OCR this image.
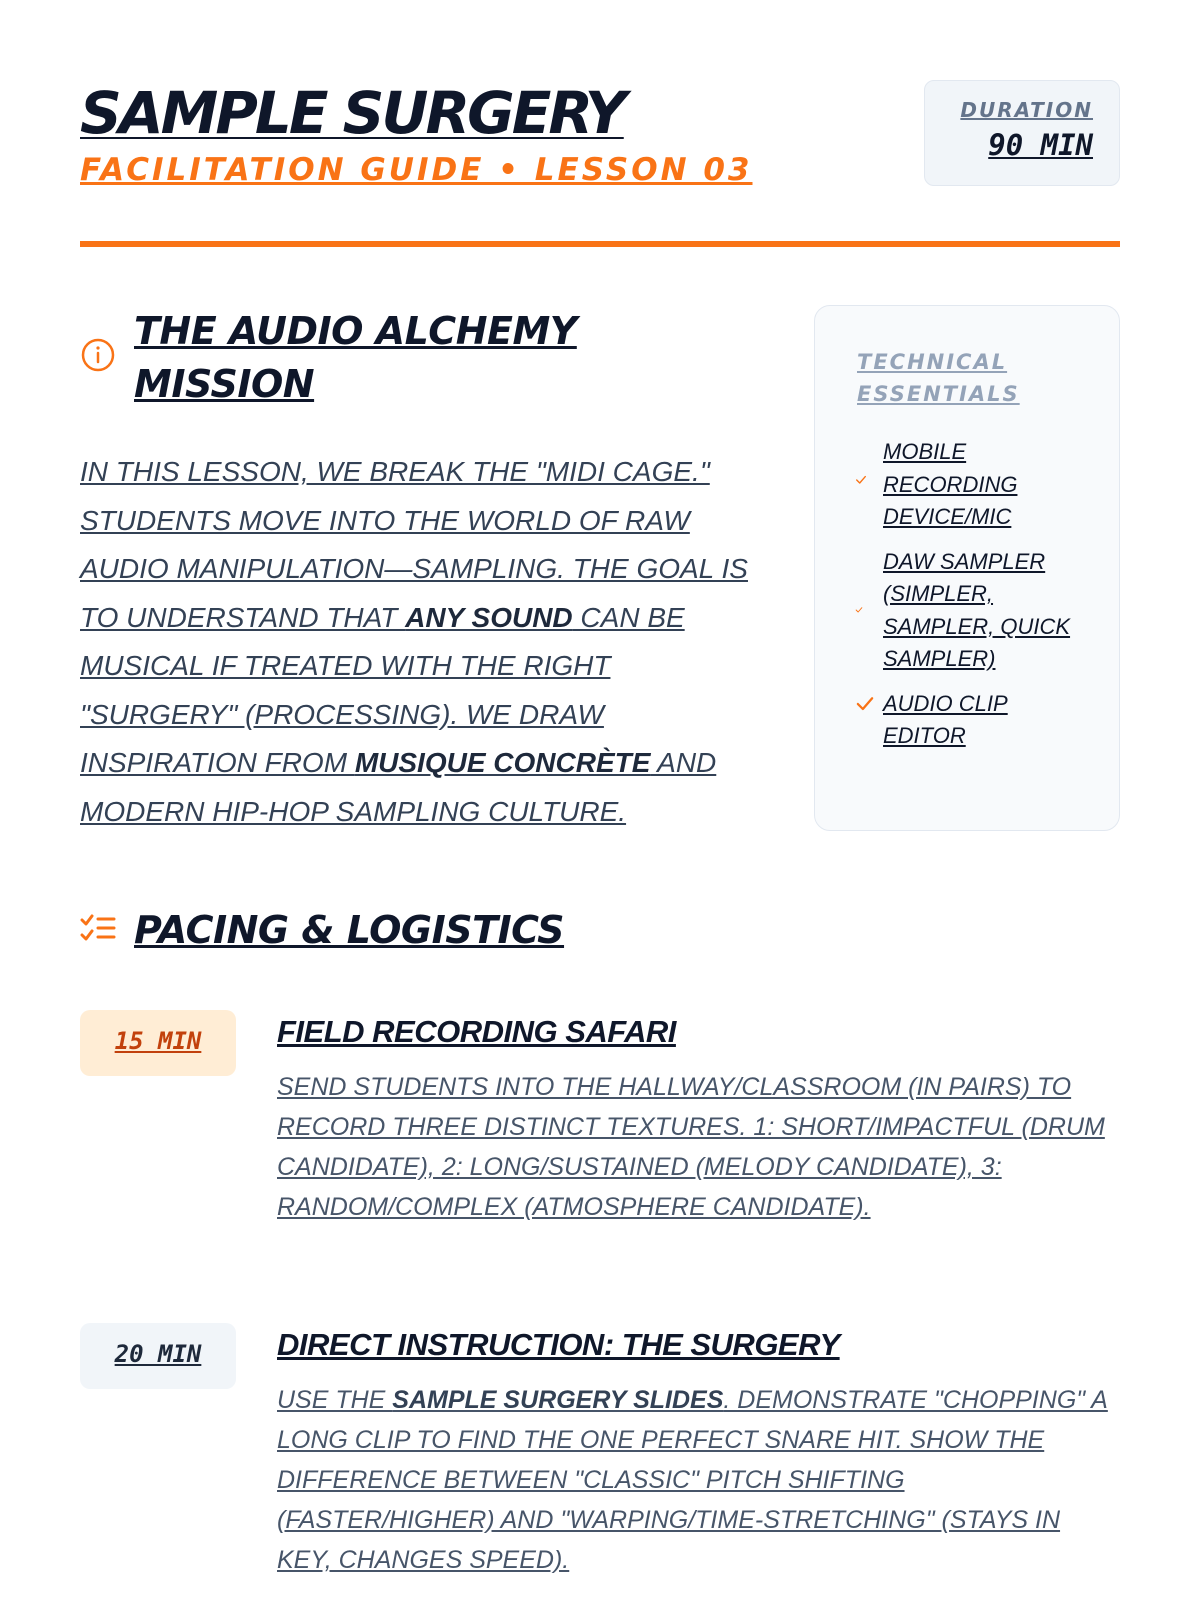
SAMPLE SURGERY
FACILITATION GUIDE • LESSON 03
DURATION
90 MIN
THE AUDIO ALCHEMY MISSION

IN THIS LESSON, WE BREAK THE "MIDI CAGE." STUDENTS MOVE INTO THE WORLD OF RAW AUDIO MANIPULATION—SAMPLING. THE GOAL IS TO UNDERSTAND THAT ANY SOUND CAN BE MUSICAL IF TREATED WITH THE RIGHT "SURGERY" (PROCESSING). WE DRAW INSPIRATION FROM MUSIQUE CONCRÈTE AND MODERN HIP-HOP SAMPLING CULTURE.

TECHNICAL ESSENTIALS
MOBILE RECORDING DEVICE/MIC
DAW SAMPLER (SIMPLER, SAMPLER, QUICK SAMPLER)
AUDIO CLIP EDITOR
PACING & LOGISTICS
15 MIN	FIELD RECORDING SAFARI

SEND STUDENTS INTO THE HALLWAY/CLASSROOM (IN PAIRS) TO RECORD THREE DISTINCT TEXTURES. 1: SHORT/IMPACTFUL (DRUM CANDIDATE), 2: LONG/SUSTAINED (MELODY CANDIDATE), 3: RANDOM/COMPLEX (ATMOSPHERE CANDIDATE).

20 MIN	DIRECT INSTRUCTION: THE SURGERY

USE THE SAMPLE SURGERY SLIDES. DEMONSTRATE "CHOPPING" A LONG CLIP TO FIND THE ONE PERFECT SNARE HIT. SHOW THE DIFFERENCE BETWEEN "CLASSIC" PITCH SHIFTING (FASTER/HIGHER) AND "WARPING/TIME-STRETCHING" (STAYS IN KEY, CHANGES SPEED).
